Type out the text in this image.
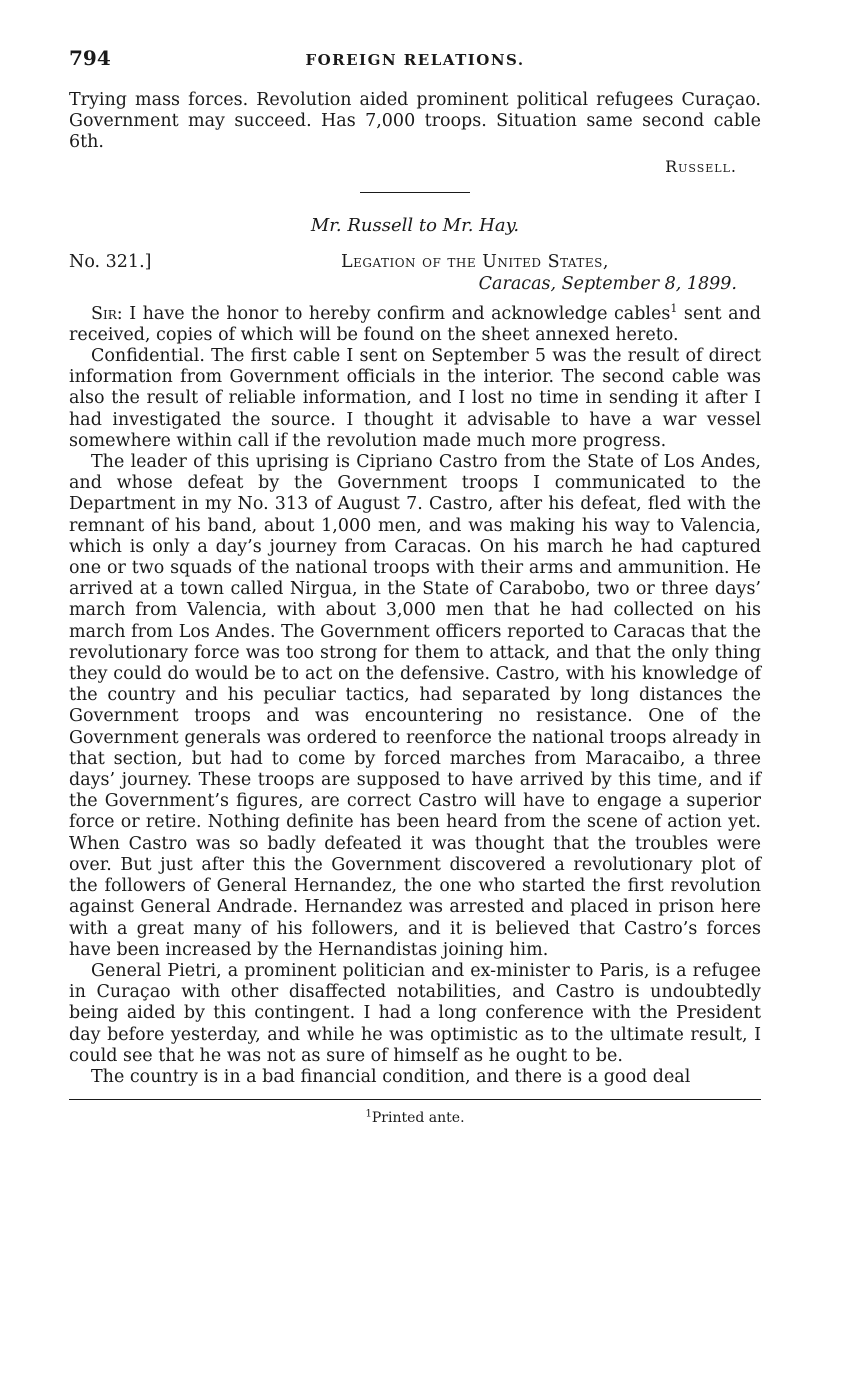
794	FOREIGN RELATIONS.

Trying mass forces. Revolution aided prominent political refugees Curaçao. Government may succeed. Has 7,000 troops. Situation same second cable 6th.

Russell.
Mr. Russell to Mr. Hay.
No. 321.]	Legation of the United States,
Caracas, September 8, 1899.

Sir: I have the honor to hereby confirm and acknowledge cables$^1$ sent and received, copies of which will be found on the sheet annexed hereto.

Confidential. The first cable I sent on September 5 was the result of direct information from Government officials in the interior. The second cable was also the result of reliable information, and I lost no time in sending it after I had investigated the source. I thought it advisable to have a war vessel somewhere within call if the revolution made much more progress.

The leader of this uprising is Cipriano Castro from the State of Los Andes, and whose defeat by the Government troops I communicated to the Department in my No. 313 of August 7. Castro, after his defeat, fled with the remnant of his band, about 1,000 men, and was making his way to Valencia, which is only a day’s journey from Caracas. On his march he had captured one or two squads of the national troops with their arms and ammunition. He arrived at a town called Nirgua, in the State of Carabobo, two or three days’ march from Valencia, with about 3,000 men that he had collected on his march from Los Andes. The Government officers reported to Caracas that the revolutionary force was too strong for them to attack, and that the only thing they could do would be to act on the defensive. Castro, with his knowledge of the country and his peculiar tactics, had separated by long distances the Government troops and was encountering no resistance. One of the Government generals was ordered to reenforce the national troops already in that section, but had to come by forced marches from Maracaibo, a three days’ journey. These troops are supposed to have arrived by this time, and if the Government’s figures, are correct Castro will have to engage a superior force or retire. Nothing definite has been heard from the scene of action yet. When Castro was so badly defeated it was thought that the troubles were over. But just after this the Government discovered a revolutionary plot of the followers of General Hernandez, the one who started the first revolution against General Andrade. Hernandez was arrested and placed in prison here with a great many of his followers, and it is believed that Castro’s forces have been increased by the Hernandistas joining him.

General Pietri, a prominent politician and ex-minister to Paris, is a refugee in Curaçao with other disaffected notabilities, and Castro is undoubtedly being aided by this contingent. I had a long conference with the President day before yesterday, and while he was optimistic as to the ultimate result, I could see that he was not as sure of himself as he ought to be.

The country is in a bad financial condition, and there is a good deal

$^1$Printed ante.
